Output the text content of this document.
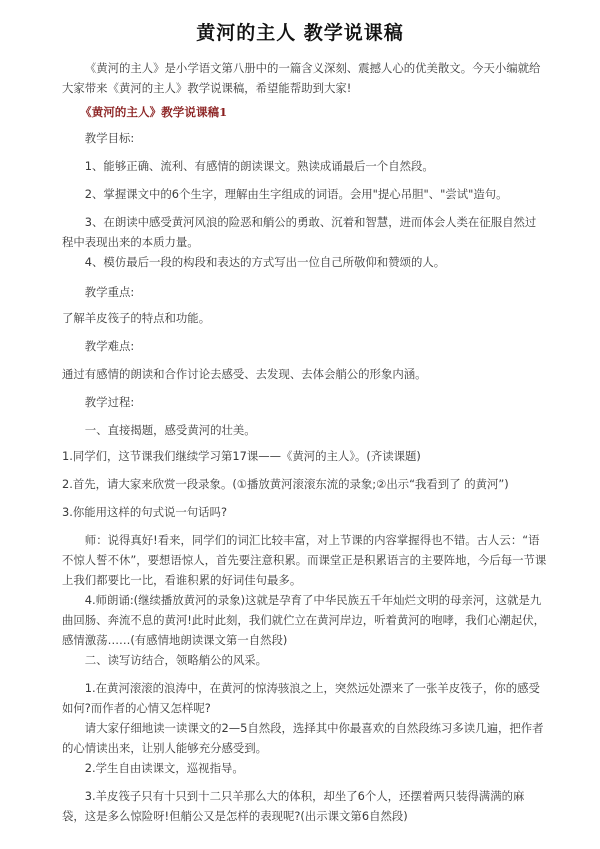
黄河的主人 教学说课稿

《黄河的主人》是小学语文第八册中的一篇含义深刻、震撼人心的优美散文。今天小编就给大家带来《黄河的主人》教学说课稿，希望能帮助到大家!

《黄河的主人》教学说课稿1

教学目标:

1、能够正确、流利、有感情的朗读课文。熟读成诵最后一个自然段。

2、掌握课文中的6个生字，理解由生字组成的词语。会用"提心吊胆"、"尝试"造句。

3、在朗读中感受黄河风浪的险恶和艄公的勇敢、沉着和智慧，进而体会人类在征服自然过程中表现出来的本质力量。

4、模仿最后一段的构段和表达的方式写出一位自己所敬仰和赞颂的人。

教学重点:

了解羊皮筏子的特点和功能。

教学难点:

通过有感情的朗读和合作讨论去感受、去发现、去体会艄公的形象内涵。

教学过程:

一、直接揭题，感受黄河的壮美。

1.同学们，这节课我们继续学习第17课——《黄河的主人》。(齐读课题)

2.首先，请大家来欣赏一段录象。(①播放黄河滚滚东流的录象;②出示“我看到了 的黄河”)

3.你能用这样的句式说一句话吗?

师：说得真好!看来，同学们的词汇比较丰富，对上节课的内容掌握得也不错。古人云：“语不惊人誓不休”，要想语惊人，首先要注意积累。而课堂正是积累语言的主要阵地，今后每一节课上我们都要比一比，看谁积累的好词佳句最多。

4.师朗诵:(继续播放黄河的录象)这就是孕育了中华民族五千年灿烂文明的母亲河，这就是九曲回肠、奔流不息的黄河!此时此刻，我们就伫立在黄河岸边，听着黄河的咆哮，我们心潮起伏，感情激荡……(有感情地朗读课文第一自然段)

二、读写访结合，领略艄公的风采。

1.在黄河滚滚的浪涛中，在黄河的惊涛骇浪之上，突然远处漂来了一张羊皮筏子，你的感受如何?而作者的心情又怎样呢?

请大家仔细地读一读课文的2—5自然段，选择其中你最喜欢的自然段练习多读几遍，把作者的心情读出来，让别人能够充分感受到。

2.学生自由读课文，巡视指导。

3.羊皮筏子只有十只到十二只羊那么大的体积，却坐了6个人，还摆着两只装得满满的麻袋，这是多么惊险呀!但艄公又是怎样的表现呢?(出示课文第6自然段)
